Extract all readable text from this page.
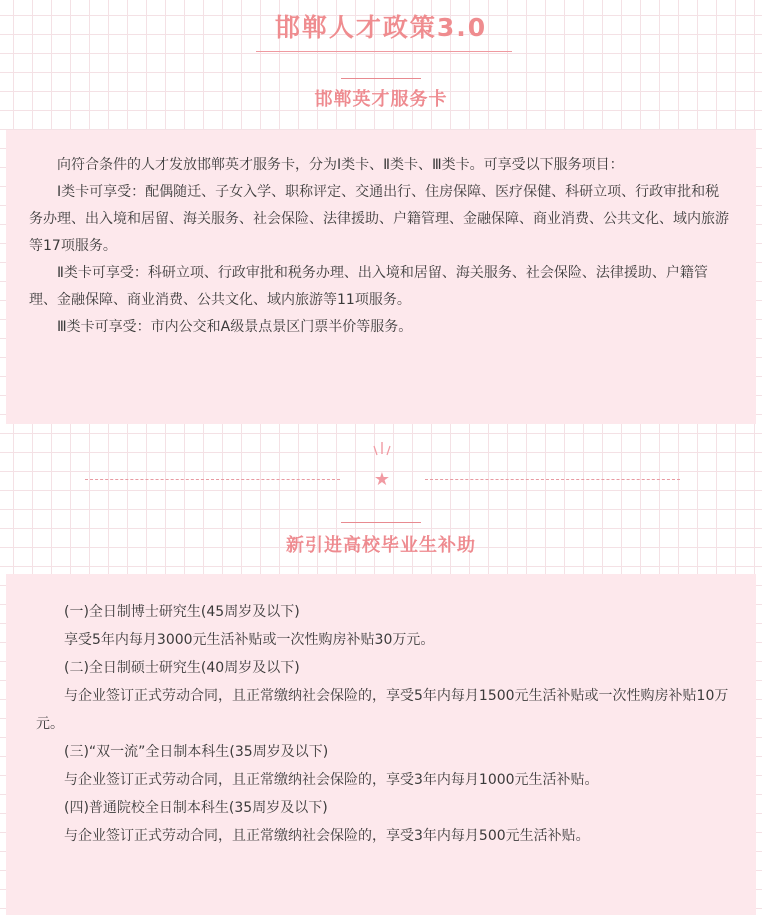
邯郸人才政策3.0
邯郸英才服务卡

向符合条件的人才发放邯郸英才服务卡，分为Ⅰ类卡、Ⅱ类卡、Ⅲ类卡。可享受以下服务项目：

Ⅰ类卡可享受：配偶随迁、子女入学、职称评定、交通出行、住房保障、医疗保健、科研立项、行政审批和税务办理、出入境和居留、海关服务、社会保险、法律援助、户籍管理、金融保障、商业消费、公共文化、域内旅游等17项服务。

Ⅱ类卡可享受：科研立项、行政审批和税务办理、出入境和居留、海关服务、社会保险、法律援助、户籍管理、金融保障、商业消费、公共文化、域内旅游等11项服务。

Ⅲ类卡可享受：市内公交和A级景点景区门票半价等服务。

★
新引进高校毕业生补助

(一)全日制博士研究生(45周岁及以下)

享受5年内每月3000元生活补贴或一次性购房补贴30万元。

(二)全日制硕士研究生(40周岁及以下)

与企业签订正式劳动合同，且正常缴纳社会保险的，享受5年内每月1500元生活补贴或一次性购房补贴10万元。

(三)“双一流”全日制本科生(35周岁及以下)

与企业签订正式劳动合同，且正常缴纳社会保险的，享受3年内每月1000元生活补贴。

(四)普通院校全日制本科生(35周岁及以下)

与企业签订正式劳动合同，且正常缴纳社会保险的，享受3年内每月500元生活补贴。
